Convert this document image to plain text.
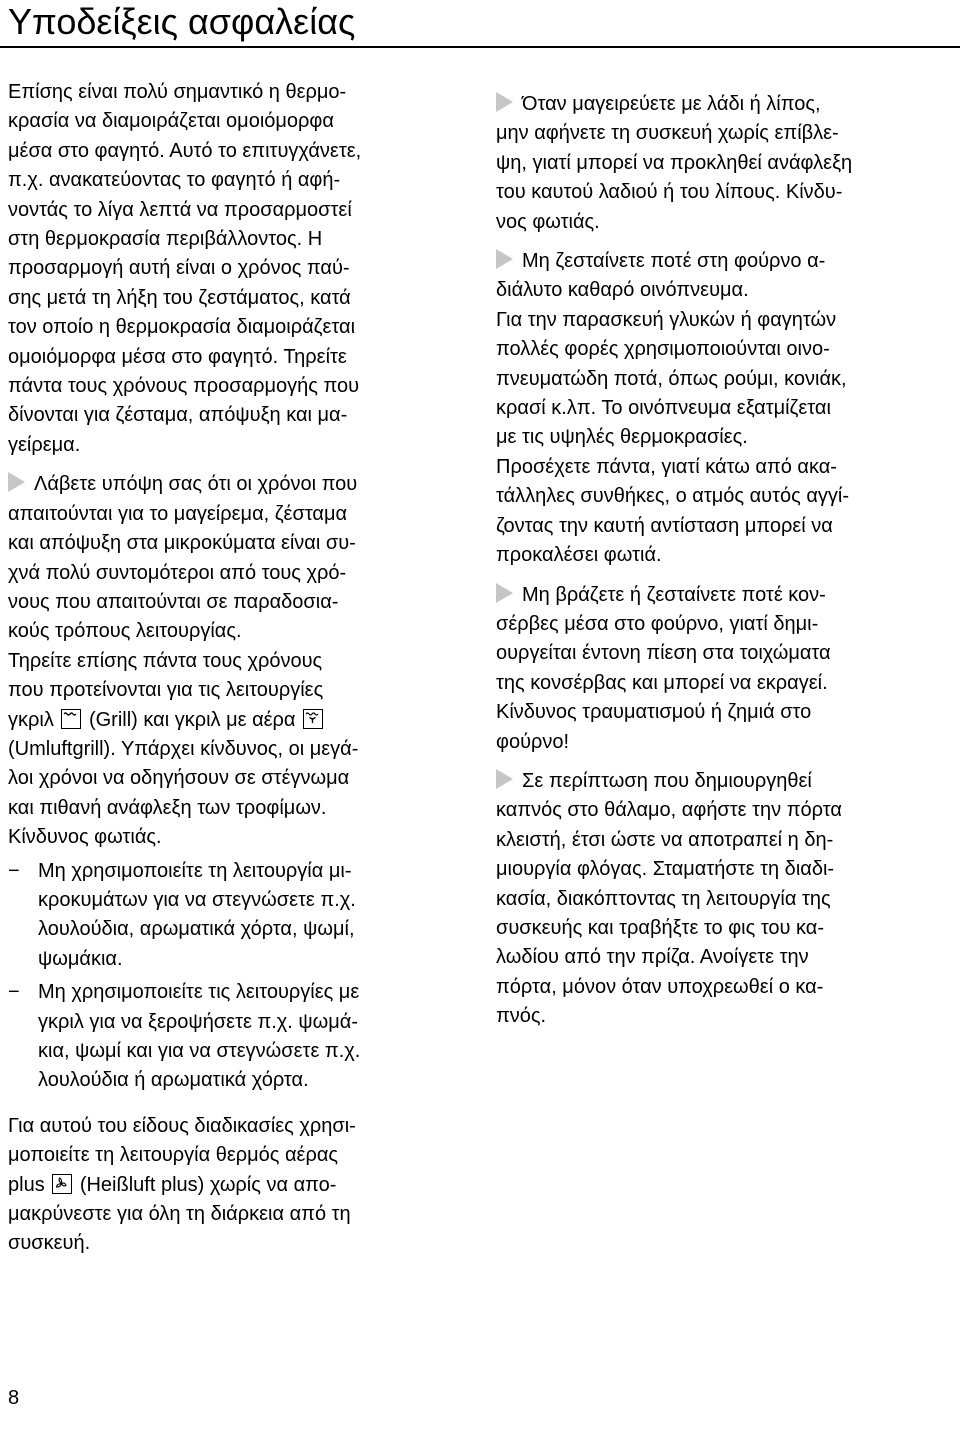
Υποδείξεις ασφαλείας

Επίσης είναι πολύ σημαντικό η θερμο-
κρασία να διαμοιράζεται ομοιόμορφα
μέσα στο φαγητό. Αυτό το επιτυγχάνετε,
π.χ. ανακατεύοντας το φαγητό ή αφή-
νοντάς το λίγα λεπτά να προσαρμοστεί
στη θερμοκρασία περιβάλλοντος. Η
προσαρμογή αυτή είναι ο χρόνος παύ-
σης μετά τη λήξη του ζεστάματος, κατά
τον οποίο η θερμοκρασία διαμοιράζεται
ομοιόμορφα μέσα στο φαγητό. Τηρείτε
πάντα τους χρόνους προσαρμογής που
δίνονται για ζέσταμα, απόψυξη και μα-
γείρεμα.

Λάβετε υπόψη σας ότι οι χρόνοι που
απαιτούνται για το μαγείρεμα, ζέσταμα
και απόψυξη στα μικροκύματα είναι συ-
χνά πολύ συντομότεροι από τους χρό-
νους που απαιτούνται σε παραδοσια-
κούς τρόπους λειτουργίας.

Τηρείτε επίσης πάντα τους χρόνους
που προτείνονται για τις λειτουργίες
γκριλ (Grill) και γκριλ με αέρα

(Umluftgrill). Υπάρχει κίνδυνος, οι μεγά-
λοι χρόνοι να οδηγήσουν σε στέγνωμα
και πιθανή ανάφλεξη των τροφίμων.
Κίνδυνος φωτιάς.

− Μη χρησιμοποιείτε τη λειτουργία μι-
κροκυμάτων για να στεγνώσετε π.χ.
λουλούδια, αρωματικά χόρτα, ψωμί,
ψωμάκια.

− Μη χρησιμοποιείτε τις λειτουργίες με
γκριλ για να ξεροψήσετε π.χ. ψωμά-
κια, ψωμί και για να στεγνώσετε π.χ.
λουλούδια ή αρωματικά χόρτα.

Για αυτού του είδους διαδικασίες χρησι-
μοποιείτε τη λειτουργία θερμός αέρας
plus (Heißluft plus) χωρίς να απο-
μακρύνεστε για όλη τη διάρκεια από τη
συσκευή.

Όταν μαγειρεύετε με λάδι ή λίπος,
μην αφήνετε τη συσκευή χωρίς επίβλε-
ψη, γιατί μπορεί να προκληθεί ανάφλεξη
του καυτού λαδιού ή του λίπους. Κίνδυ-
νος φωτιάς.

Μη ζεσταίνετε ποτέ στη φούρνο α-
διάλυτο καθαρό οινόπνευμα.
Για την παρασκευή γλυκών ή φαγητών
πολλές φορές χρησιμοποιούνται οινο-
πνευματώδη ποτά, όπως ρούμι, κονιάκ,
κρασί κ.λπ. Το οινόπνευμα εξατμίζεται
με τις υψηλές θερμοκρασίες.
Προσέχετε πάντα, γιατί κάτω από ακα-
τάλληλες συνθήκες, ο ατμός αυτός αγγί-
ζοντας την καυτή αντίσταση μπορεί να
προκαλέσει φωτιά.

Μη βράζετε ή ζεσταίνετε ποτέ κον-
σέρβες μέσα στο φούρνο, γιατί δημι-
ουργείται έντονη πίεση στα τοιχώματα
της κονσέρβας και μπορεί να εκραγεί.
Κίνδυνος τραυματισμού ή ζημιά στο
φούρνο!

Σε περίπτωση που δημιουργηθεί
καπνός στο θάλαμο, αφήστε την πόρτα
κλειστή, έτσι ώστε να αποτραπεί η δη-
μιουργία φλόγας. Σταματήστε τη διαδι-
κασία, διακόπτοντας τη λειτουργία της
συσκευής και τραβήξτε το φις του κα-
λωδίου από την πρίζα. Ανοίγετε την
πόρτα, μόνον όταν υποχρεωθεί ο κα-
πνός.

8
